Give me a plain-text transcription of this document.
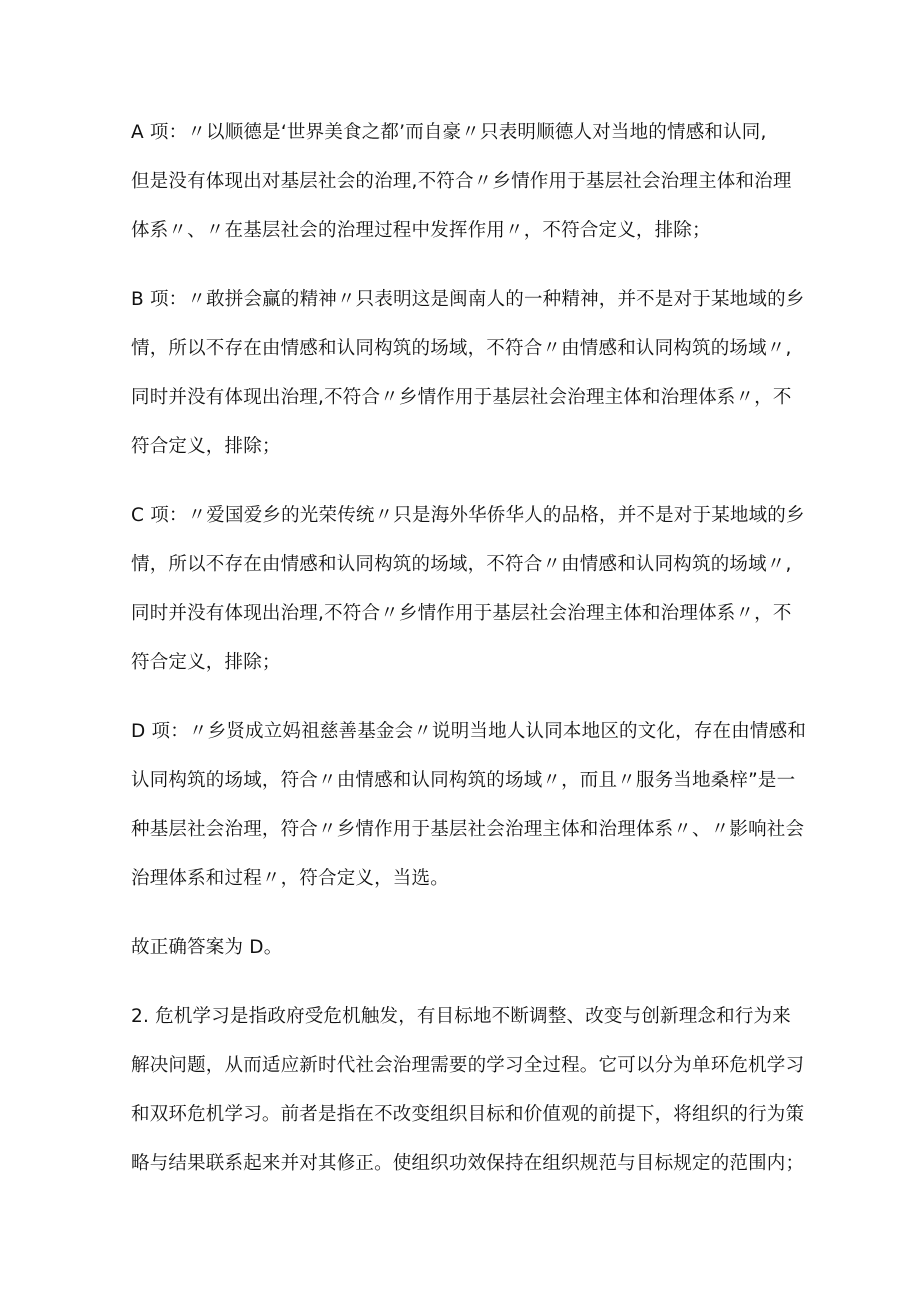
A 项：〃以顺德是‘世界美食之都’而自豪〃只表明顺德人对当地的情感和认同,
但是没有体现出对基层社会的治理,不符合〃乡情作用于基层社会治理主体和治理
体系〃、〃在基层社会的治理过程中发挥作用〃，不符合定义，排除；
B 项：〃敢拼会赢的精神〃只表明这是闽南人的一种精神，并不是对于某地域的乡
情，所以不存在由情感和认同构筑的场域，不符合〃由情感和认同构筑的场域〃,
同时并没有体现出治理,不符合〃乡情作用于基层社会治理主体和治理体系〃，不
符合定义，排除；
C 项：〃爱国爱乡的光荣传统〃只是海外华侨华人的品格，并不是对于某地域的乡
情，所以不存在由情感和认同构筑的场域，不符合〃由情感和认同构筑的场域〃,
同时并没有体现出治理,不符合〃乡情作用于基层社会治理主体和治理体系〃，不
符合定义，排除；
D 项：〃乡贤成立妈祖慈善基金会〃说明当地人认同本地区的文化，存在由情感和
认同构筑的场域，符合〃由情感和认同构筑的场域〃，而且〃服务当地桑梓”是一
种基层社会治理，符合〃乡情作用于基层社会治理主体和治理体系〃、〃影响社会
治理体系和过程〃，符合定义，当选。
故正确答案为 D。
2. 危机学习是指政府受危机触发，有目标地不断调整、改变与创新理念和行为来
解决问题，从而适应新时代社会治理需要的学习全过程。它可以分为单环危机学习
和双环危机学习。前者是指在不改变组织目标和价值观的前提下，将组织的行为策
略与结果联系起来并对其修正。使组织功效保持在组织规范与目标规定的范围内；
